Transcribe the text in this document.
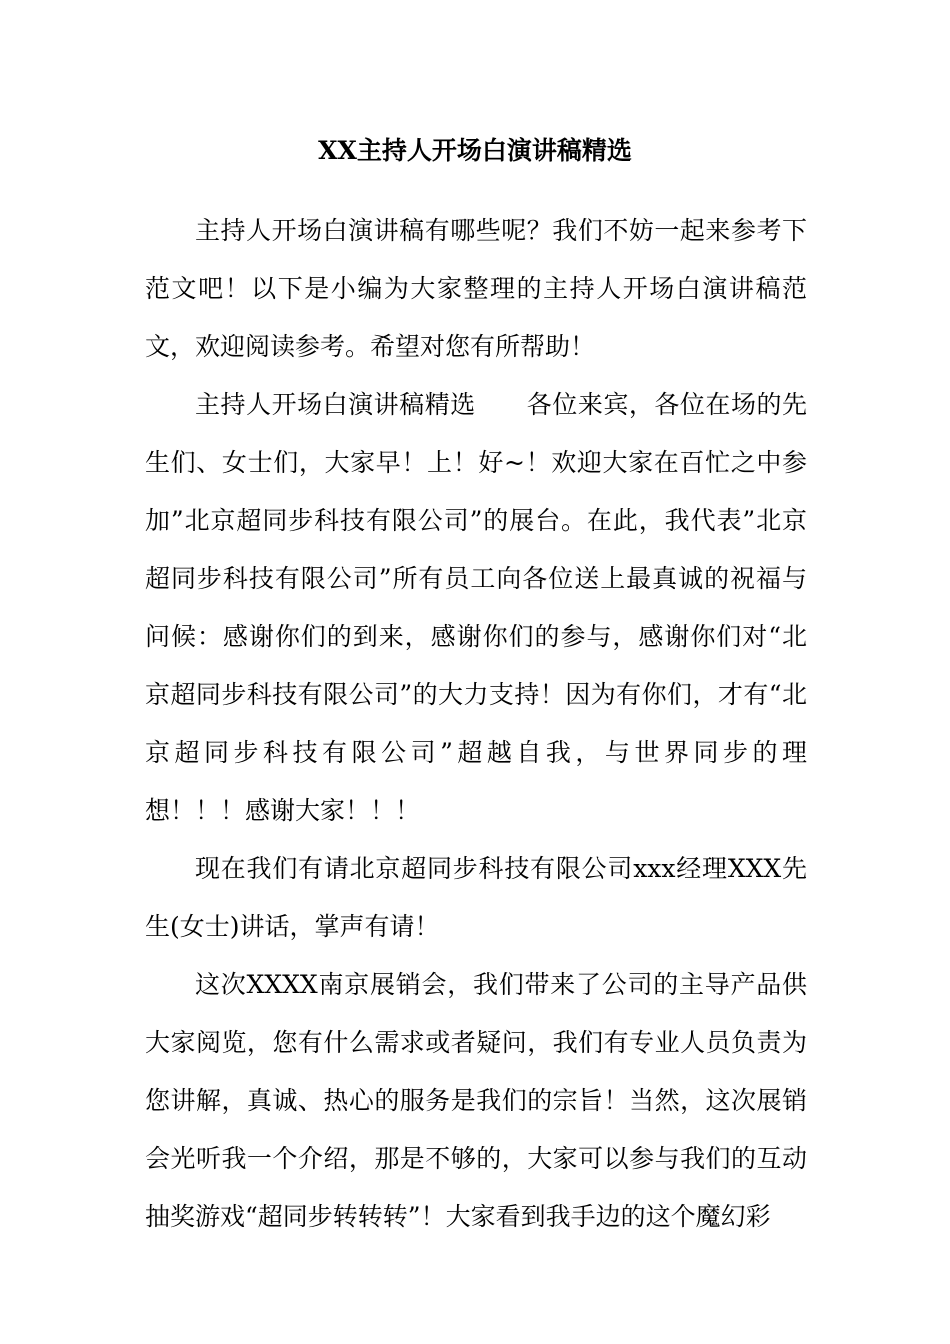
XX主持人开场白演讲稿精选

主持人开场白演讲稿有哪些呢？我们不妨一起来参考下范文吧！以下是小编为大家整理的主持人开场白演讲稿范文，欢迎阅读参考。希望对您有所帮助！

主持人开场白演讲稿精选　　各位来宾，各位在场的先生们、女士们，大家早！上！好~！欢迎大家在百忙之中参加”北京超同步科技有限公司”的展台。在此，我代表”北京超同步科技有限公司”所有员工向各位送上最真诚的祝福与问候：感谢你们的到来，感谢你们的参与，感谢你们对“北京超同步科技有限公司”的大力支持！因为有你们，才有“北京超同步科技有限公司”超越自我，与世界同步的理想！！！感谢大家！！！

现在我们有请北京超同步科技有限公司xxx经理XXX先生(女士)讲话，掌声有请！

这次XXXX南京展销会，我们带来了公司的主导产品供大家阅览，您有什么需求或者疑问，我们有专业人员负责为您讲解，真诚、热心的服务是我们的宗旨！当然，这次展销会光听我一个介绍，那是不够的，大家可以参与我们的互动抽奖游戏“超同步转转转”！大家看到我手边的这个魔幻彩
